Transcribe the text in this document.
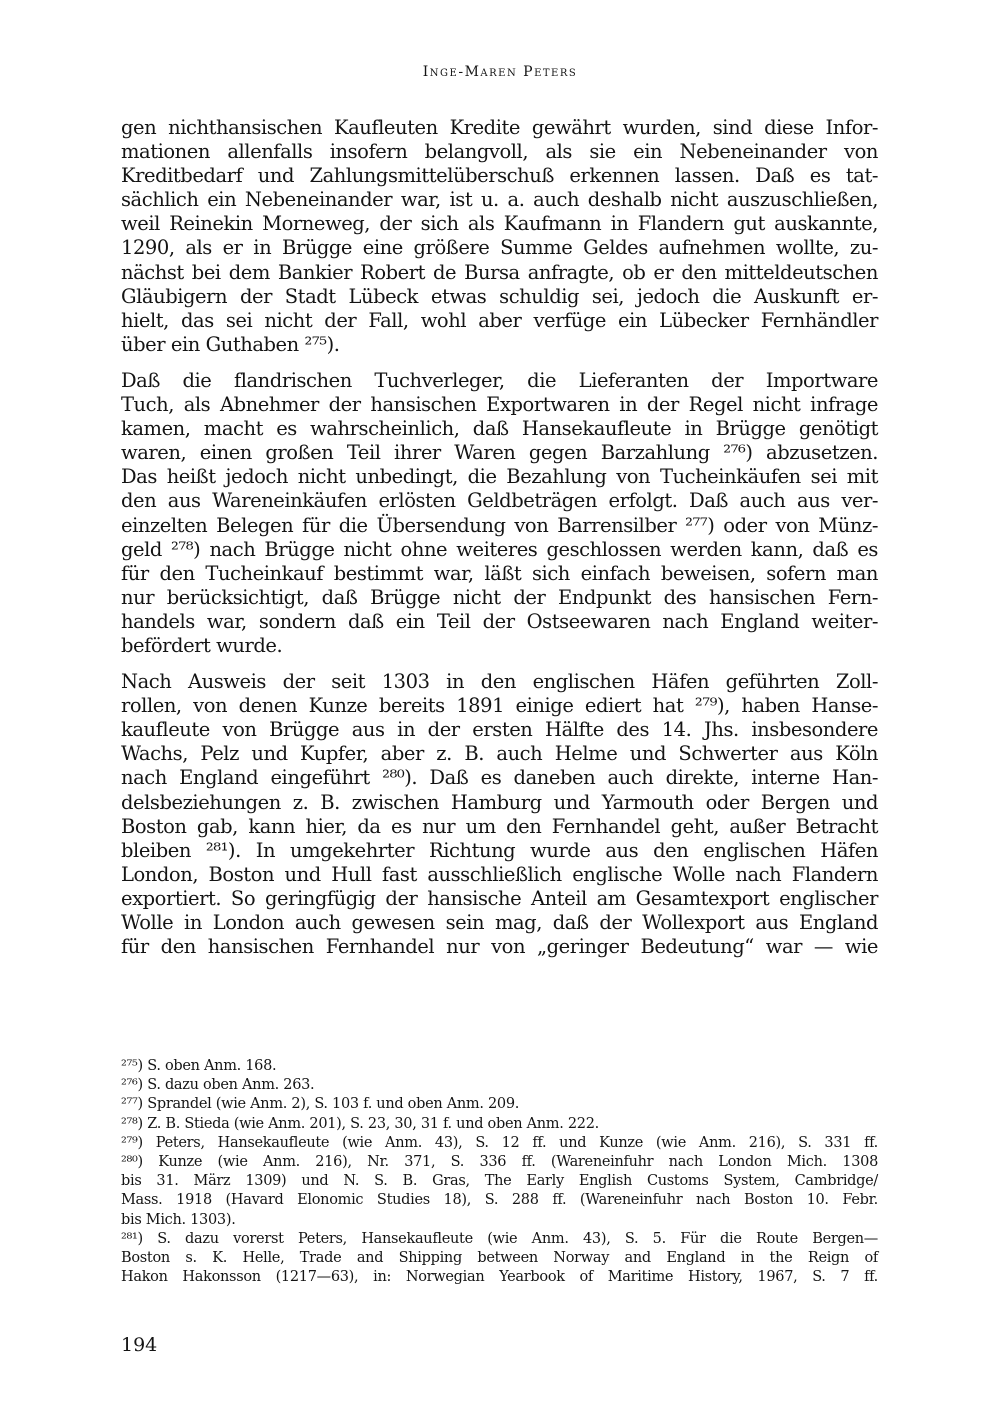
Inge-Maren Peters

gen nichthansischen Kaufleuten Kredite gewährt wurden, sind diese Infor-

mationen allenfalls insofern belangvoll, als sie ein Nebeneinander von

Kreditbedarf und Zahlungsmittelüberschuß erkennen lassen. Daß es tat-

sächlich ein Nebeneinander war, ist u. a. auch deshalb nicht auszuschließen,

weil Reinekin Morneweg, der sich als Kaufmann in Flandern gut auskannte,

1290, als er in Brügge eine größere Summe Geldes aufnehmen wollte, zu-

nächst bei dem Bankier Robert de Bursa anfragte, ob er den mitteldeutschen

Gläubigern der Stadt Lübeck etwas schuldig sei, jedoch die Auskunft er-

hielt, das sei nicht der Fall, wohl aber verfüge ein Lübecker Fernhändler

über ein Guthaben ²⁷⁵).

Daß die flandrischen Tuchverleger, die Lieferanten der Importware

Tuch, als Abnehmer der hansischen Exportwaren in der Regel nicht infrage

kamen, macht es wahrscheinlich, daß Hansekaufleute in Brügge genötigt

waren, einen großen Teil ihrer Waren gegen Barzahlung ²⁷⁶) abzusetzen.

Das heißt jedoch nicht unbedingt, die Bezahlung von Tucheinkäufen sei mit

den aus Wareneinkäufen erlösten Geldbeträgen erfolgt. Daß auch aus ver-

einzelten Belegen für die Übersendung von Barrensilber ²⁷⁷) oder von Münz-

geld ²⁷⁸) nach Brügge nicht ohne weiteres geschlossen werden kann, daß es

für den Tucheinkauf bestimmt war, läßt sich einfach beweisen, sofern man

nur berücksichtigt, daß Brügge nicht der Endpunkt des hansischen Fern-

handels war, sondern daß ein Teil der Ostseewaren nach England weiter-

befördert wurde.

Nach Ausweis der seit 1303 in den englischen Häfen geführten Zoll-

rollen, von denen Kunze bereits 1891 einige ediert hat ²⁷⁹), haben Hanse-

kaufleute von Brügge aus in der ersten Hälfte des 14. Jhs. insbesondere

Wachs, Pelz und Kupfer, aber z. B. auch Helme und Schwerter aus Köln

nach England eingeführt ²⁸⁰). Daß es daneben auch direkte, interne Han-

delsbeziehungen z. B. zwischen Hamburg und Yarmouth oder Bergen und

Boston gab, kann hier, da es nur um den Fernhandel geht, außer Betracht

bleiben ²⁸¹). In umgekehrter Richtung wurde aus den englischen Häfen

London, Boston und Hull fast ausschließlich englische Wolle nach Flandern

exportiert. So geringfügig der hansische Anteil am Gesamtexport englischer

Wolle in London auch gewesen sein mag, daß der Wollexport aus England

für den hansischen Fernhandel nur von „geringer Bedeutung“ war — wie

²⁷⁵) S. oben Anm. 168.

²⁷⁶) S. dazu oben Anm. 263.

²⁷⁷) Sprandel (wie Anm. 2), S. 103 f. und oben Anm. 209.

²⁷⁸) Z. B. Stieda (wie Anm. 201), S. 23, 30, 31 f. und oben Anm. 222.

²⁷⁹) Peters, Hansekaufleute (wie Anm. 43), S. 12 ff. und Kunze (wie Anm. 216), S. 331 ff.

²⁸⁰) Kunze (wie Anm. 216), Nr. 371, S. 336 ff. (Wareneinfuhr nach London Mich. 1308

bis 31. März 1309) und N. S. B. Gras, The Early English Customs System, Cambridge/

Mass. 1918 (Havard Elonomic Studies 18), S. 288 ff. (Wareneinfuhr nach Boston 10. Febr.

bis Mich. 1303).

²⁸¹) S. dazu vorerst Peters, Hansekaufleute (wie Anm. 43), S. 5. Für die Route Bergen—

Boston s. K. Helle, Trade and Shipping between Norway and England in the Reign of

Hakon Hakonsson (1217—63), in: Norwegian Yearbook of Maritime History, 1967, S. 7 ff.

194
